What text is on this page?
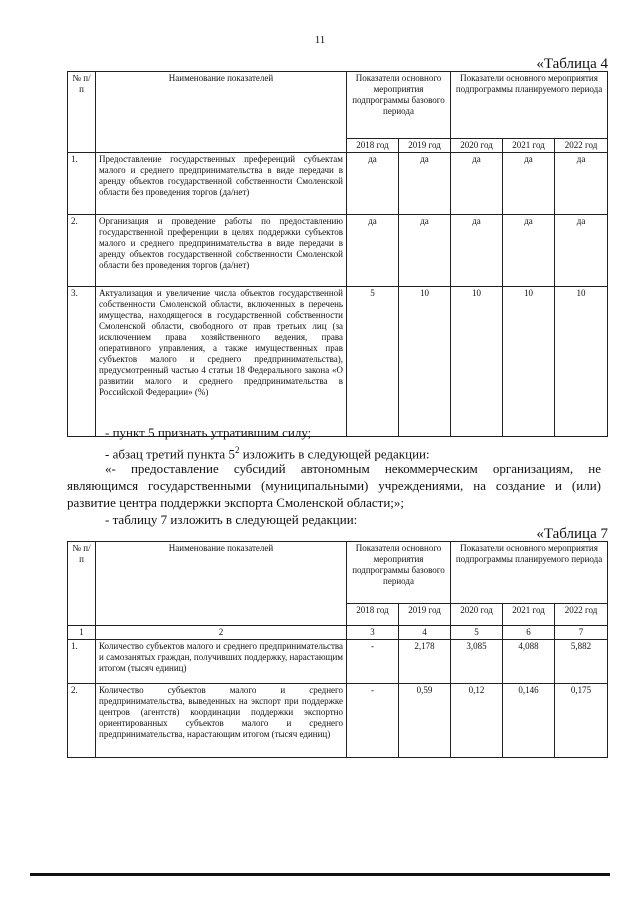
11
«Таблица 4
№ п/п	Наименование показателей	Показатели основного мероприятия подпрограммы базового периода		Показатели основного мероприятия подпрограммы планируемого периода		
		2018 год	2019 год	2020 год	2021 год	2022 год
1.	Предоставление государственных преференций субъектам малого и среднего предпринимательства в виде передачи в аренду объектов государственной собственности Смоленской области без проведения торгов (да/нет)	да	да	да	да	да
2.	Организация и проведение работы по предоставлению государственной преференции в целях поддержки субъектов малого и среднего предпринимательства в виде передачи в аренду объектов государственной собственности Смоленской области без проведения торгов (да/нет)	да	да	да	да	да
3.	Актуализация и увеличение числа объектов государственной собственности Смоленской области, включенных в перечень имущества, находящегося в государственной собственности Смоленской области, свободного от прав третьих лиц (за исключением права хозяйственного ведения, права оперативного управления, а также имущественных прав субъектов малого и среднего предпринимательства), предусмотренный частью 4 статьи 18 Федерального закона «О развитии малого и среднего предпринимательства в Российской Федерации» (%)	5	10	10	10	10
- пункт 5 признать утратившим силу;
- абзац третий пункта $5^2$ изложить в следующей редакции:
«- предоставление субсидий автономным некоммерческим организациям, не являющимся государственными (муниципальными) учреждениями, на создание и (или) развитие центра поддержки экспорта Смоленской области;»;
- таблицу 7 изложить в следующей редакции:
«Таблица 7
№ п/п	Наименование показателей	Показатели основного мероприятия подпрограммы базового периода		Показатели основного мероприятия подпрограммы планируемого периода		
		2018 год	2019 год	2020 год	2021 год	2022 год
1	2	3	4	5	6	7
1.	Количество субъектов малого и среднего предпринимательства и самозанятых граждан, получивших поддержку, нарастающим итогом (тысяч единиц)	-	2,178	3,085	4,088	5,882
2.	Количество субъектов малого и среднего предпринимательства, выведенных на экспорт при поддержке центров (агентств) координации поддержки экспортно ориентированных субъектов малого и среднего предпринимательства, нарастающим итогом (тысяч единиц)	-	0,59	0,12	0,146	0,175
